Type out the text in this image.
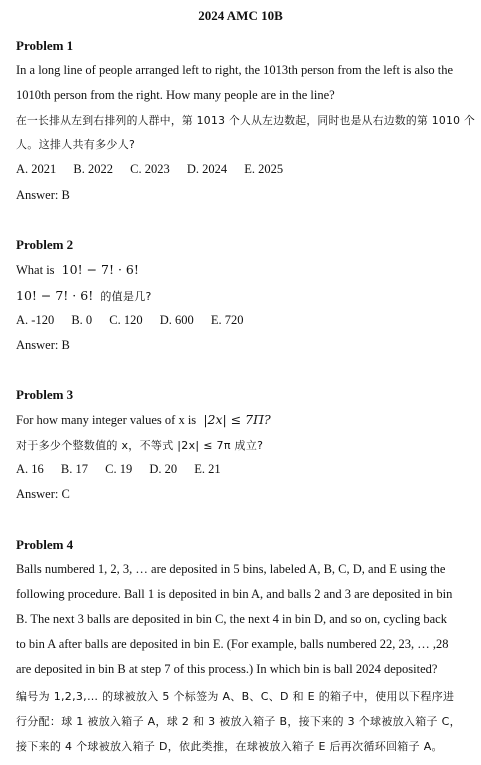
2024 AMC 10B
Problem 1
In a long line of people arranged left to right, the 1013th person from the left is also the
1010th person from the right. How many people are in the line?
在一长排从左到右排列的人群中，第 1013 个人从左边数起，同时也是从右边数的第 1010 个
人。这排人共有多少人?
A. 2021 B. 2022 C. 2023 D. 2024 E. 2025
Answer: B
Problem 2
What is 10! − 7! · 6!
10! − 7! · 6! 的值是几?
A. -120 B. 0 C. 120 D. 600 E. 720
Answer: B
Problem 3
For how many integer values of x is |2x| ≤ 7Π?
对于多少个整数值的 x，不等式 |2x| ≤ 7π 成立?
A. 16 B. 17 C. 19 D. 20 E. 21
Answer: C
Problem 4
Balls numbered 1, 2, 3, … are deposited in 5 bins, labeled A, B, C, D, and E using the
following procedure. Ball 1 is deposited in bin A, and balls 2 and 3 are deposited in bin
B. The next 3 balls are deposited in bin C, the next 4 in bin D, and so on, cycling back
to bin A after balls are deposited in bin E. (For example, balls numbered 22, 23, … ,28
are deposited in bin B at step 7 of this process.) In which bin is ball 2024 deposited?
编号为 1,2,3,… 的球被放入 5 个标签为 A、B、C、D 和 E 的箱子中，使用以下程序进
行分配：球 1 被放入箱子 A，球 2 和 3 被放入箱子 B，接下来的 3 个球被放入箱子 C，
接下来的 4 个球被放入箱子 D，依此类推，在球被放入箱子 E 后再次循环回箱子 A。
